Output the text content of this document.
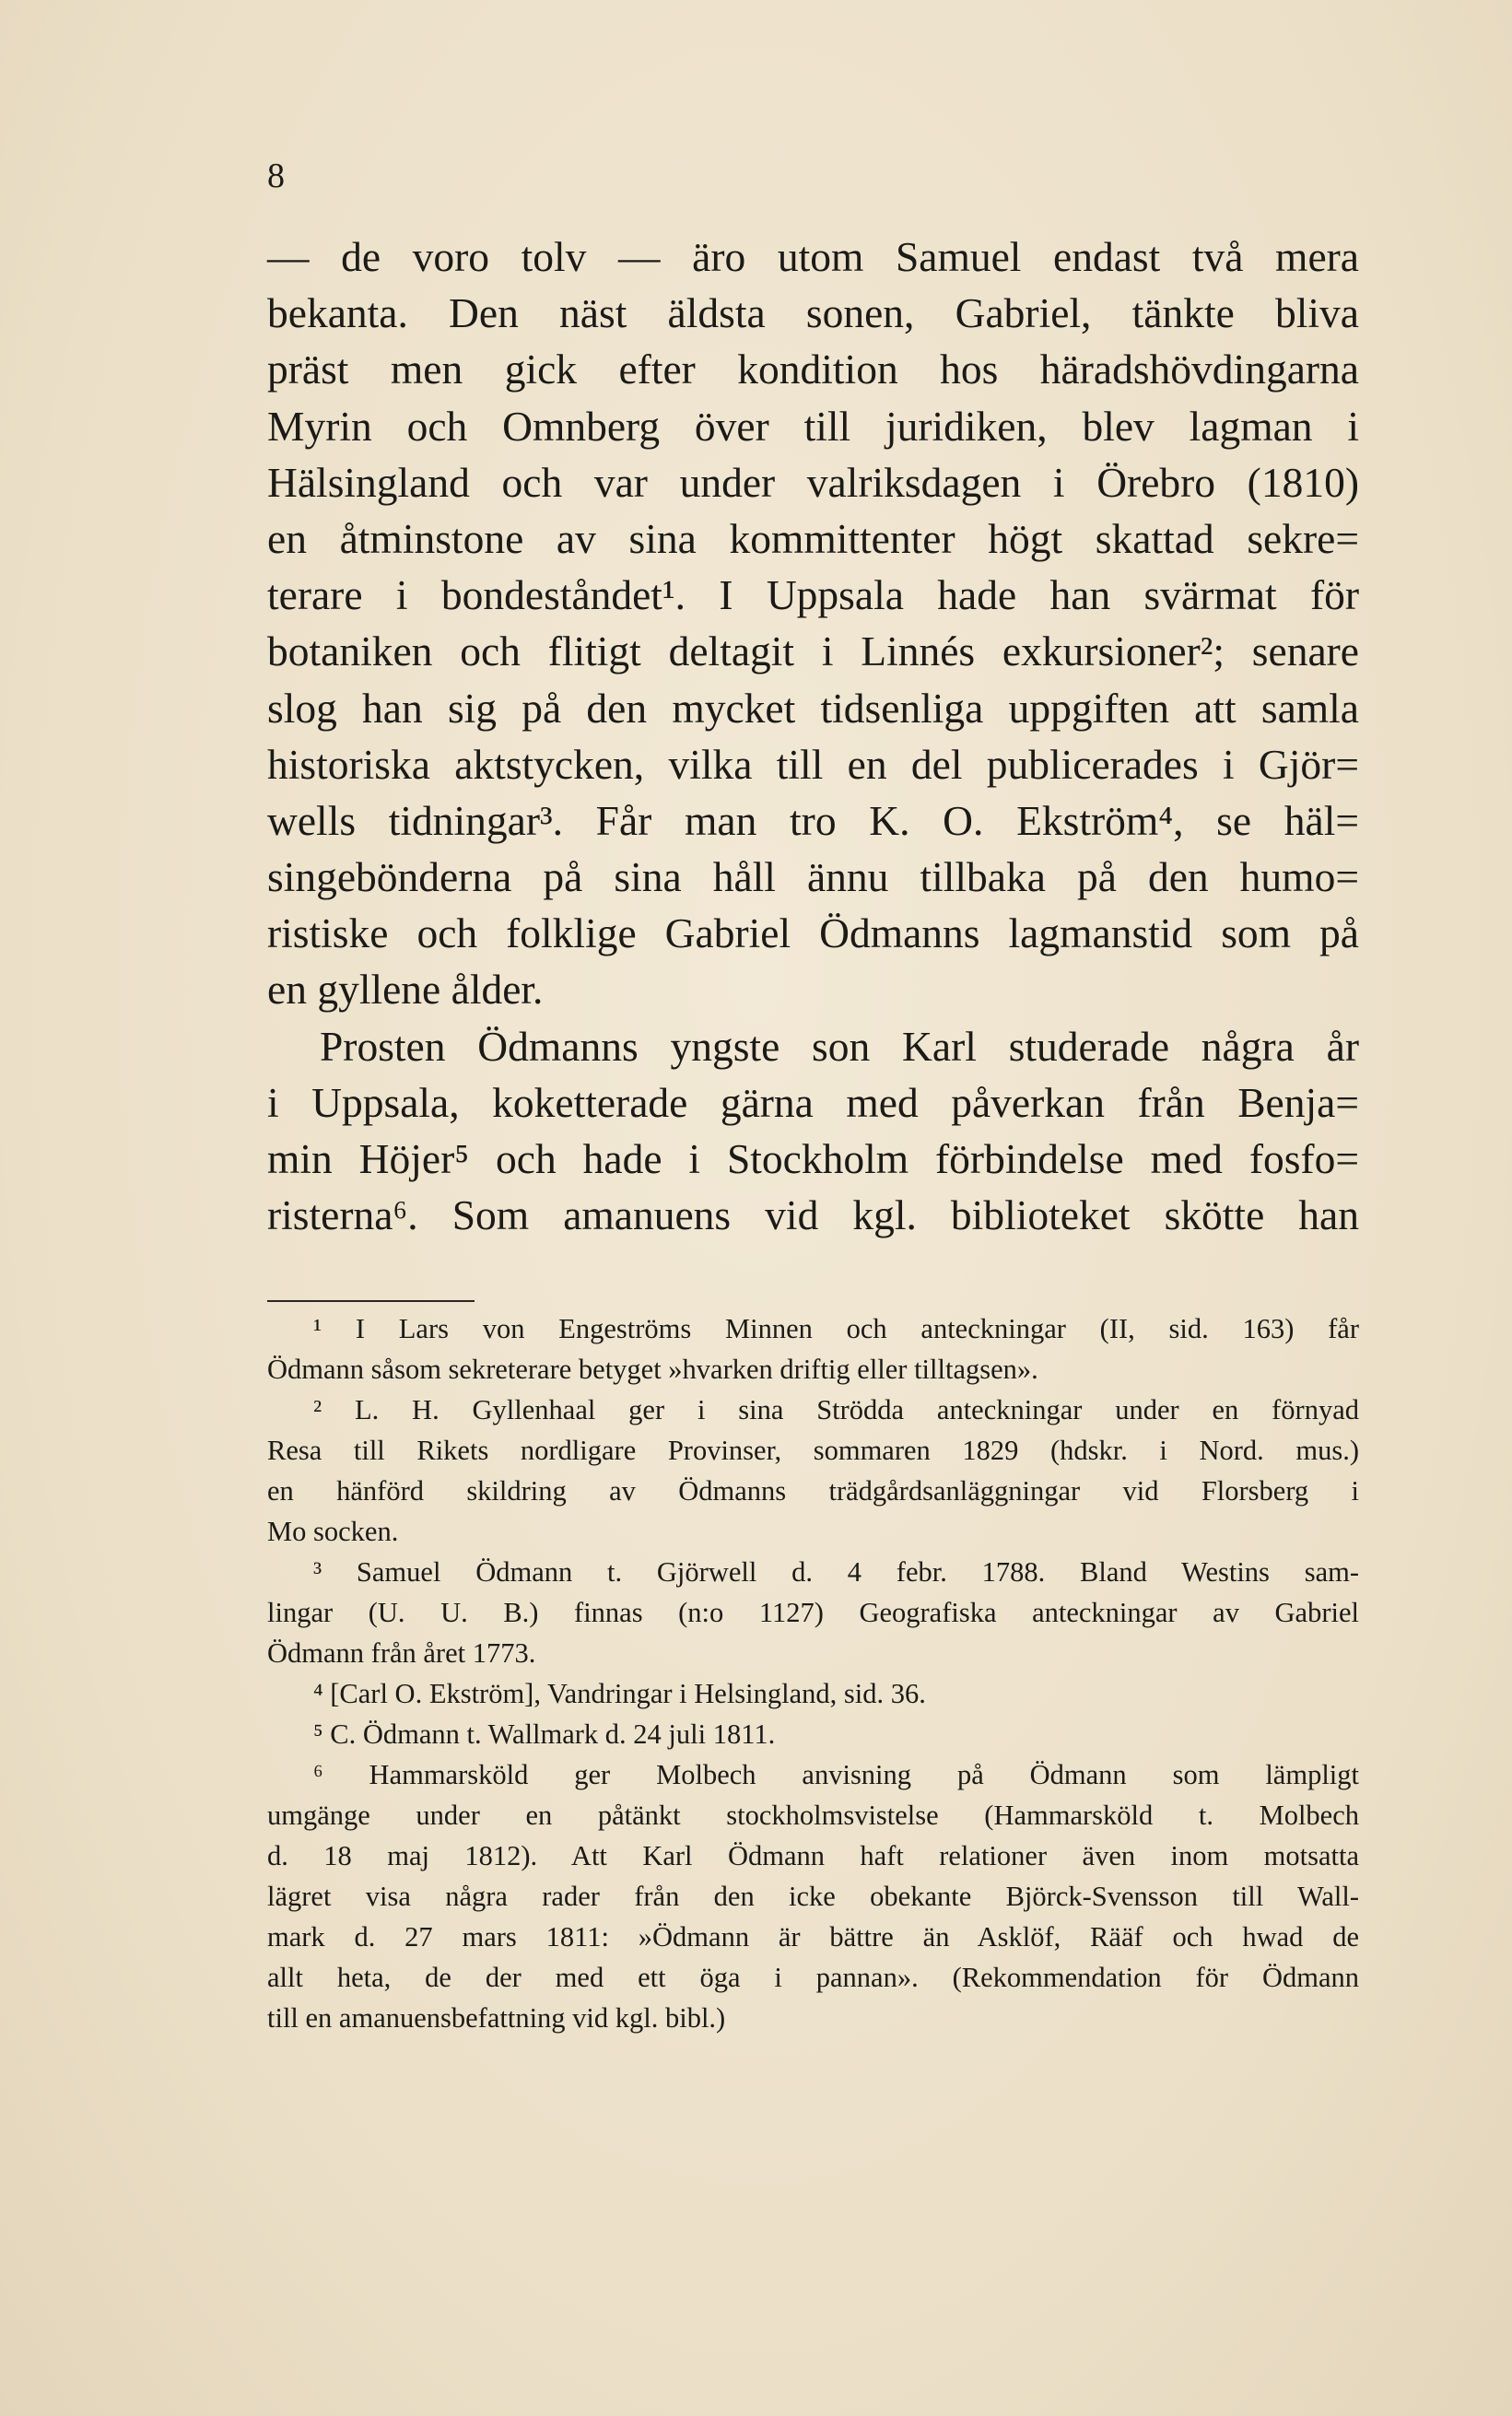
8
— de voro tolv — äro utom Samuel endast två mera
bekanta. Den näst äldsta sonen, Gabriel, tänkte bliva
präst men gick efter kondition hos häradshövdingarna
Myrin och Omnberg över till juridiken, blev lagman i
Hälsingland och var under valriksdagen i Örebro (1810)
en åtminstone av sina kommittenter högt skattad sekre=
terare i bondeståndet¹. I Uppsala hade han svärmat för
botaniken och flitigt deltagit i Linnés exkursioner²; senare
slog han sig på den mycket tidsenliga uppgiften att samla
historiska aktstycken, vilka till en del publicerades i Gjör=
wells tidningar³. Får man tro K. O. Ekström⁴, se häl=
singebönderna på sina håll ännu tillbaka på den humo=
ristiske och folklige Gabriel Ödmanns lagmanstid som på
en gyllene ålder.
Prosten Ödmanns yngste son Karl studerade några år
i Uppsala, koketterade gärna med påverkan från Benja=
min Höjer⁵ och hade i Stockholm förbindelse med fosfo=
risterna⁶. Som amanuens vid kgl. biblioteket skötte han
¹ I Lars von Engeströms Minnen och anteckningar (II, sid. 163) får
Ödmann såsom sekreterare betyget »hvarken driftig eller tilltagsen».
² L. H. Gyllenhaal ger i sina Strödda anteckningar under en förnyad
Resa till Rikets nordligare Provinser, sommaren 1829 (hdskr. i Nord. mus.)
en hänförd skildring av Ödmanns trädgårdsanläggningar vid Florsberg i
Mo socken.
³ Samuel Ödmann t. Gjörwell d. 4 febr. 1788. Bland Westins sam-
lingar (U. U. B.) finnas (n:o 1127) Geografiska anteckningar av Gabriel
Ödmann från året 1773.
⁴ [Carl O. Ekström], Vandringar i Helsingland, sid. 36.
⁵ C. Ödmann t. Wallmark d. 24 juli 1811.
⁶ Hammarsköld ger Molbech anvisning på Ödmann som lämpligt
umgänge under en påtänkt stockholmsvistelse (Hammarsköld t. Molbech
d. 18 maj 1812). Att Karl Ödmann haft relationer även inom motsatta
lägret visa några rader från den icke obekante Björck-Svensson till Wall-
mark d. 27 mars 1811: »Ödmann är bättre än Asklöf, Rääf och hwad de
allt heta, de der med ett öga i pannan». (Rekommendation för Ödmann
till en amanuensbefattning vid kgl. bibl.)
